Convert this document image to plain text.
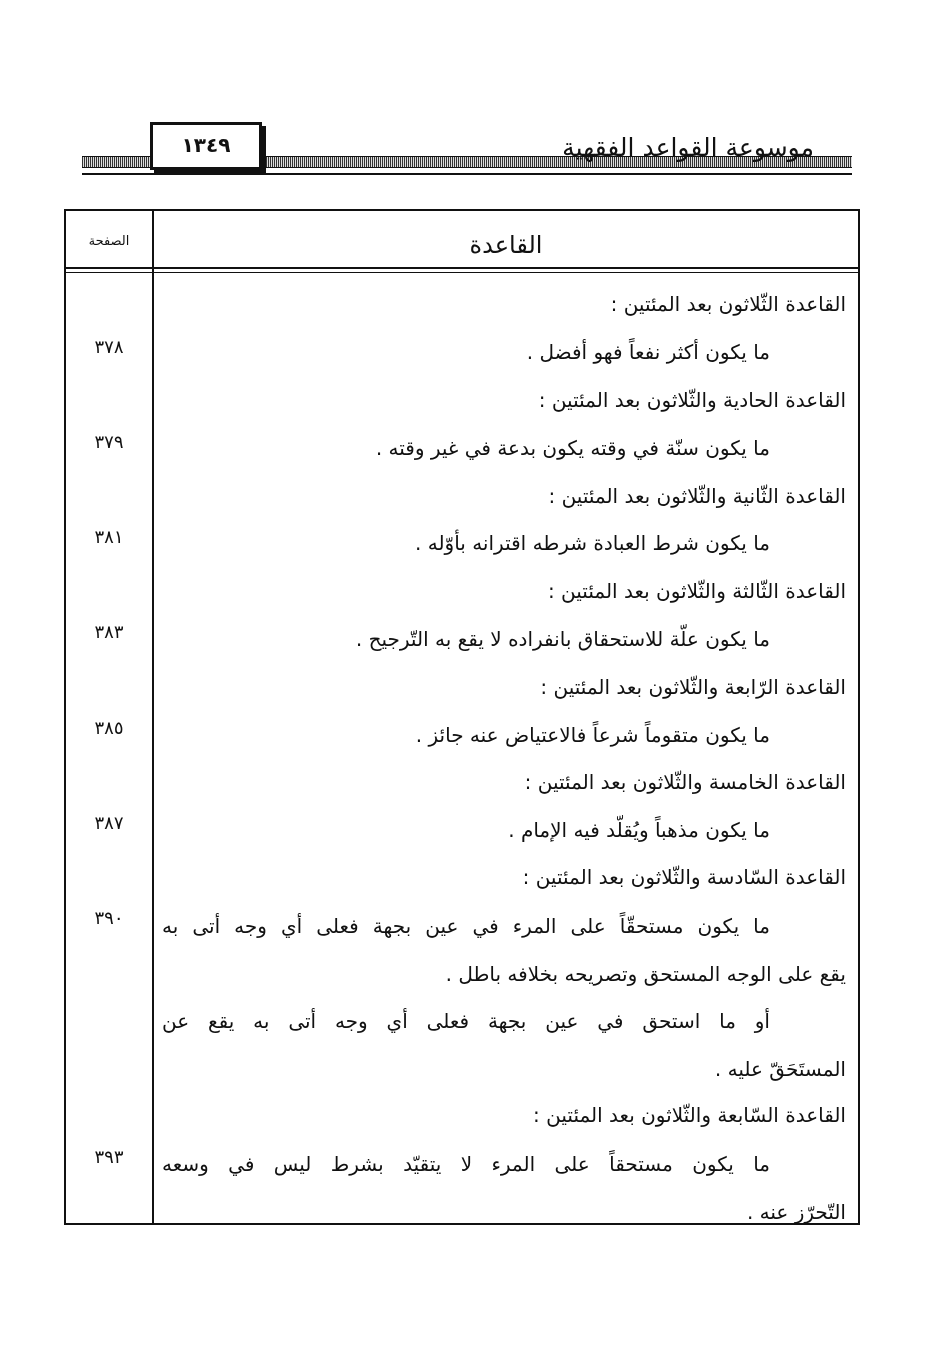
موسوعة القواعد الفقهية
١٣٤٩
القاعدة
الصفحة
القاعدة الثّلاثون بعد المئتين :
ما يكون أكثر نفعاً فهو أفضل .
٣٧٨
القاعدة الحادية والثّلاثون بعد المئتين :
ما يكون سنّة في وقته يكون بدعة في غير وقته .
٣٧٩
القاعدة الثّانية والثّلاثون بعد المئتين :
ما يكون شرط العبادة شرطه اقترانه بأوّله .
٣٨١
القاعدة الثّالثة والثّلاثون بعد المئتين :
ما يكون علّة للاستحقاق بانفراده لا يقع به التّرجيح .
٣٨٣
القاعدة الرّابعة والثّلاثون بعد المئتين :
ما يكون متقوماً شرعاً فالاعتياض عنه جائز .
٣٨٥
القاعدة الخامسة والثّلاثون بعد المئتين :
ما يكون مذهباً ويُقلّد فيه الإمام .
٣٨٧
القاعدة السّادسة والثّلاثون بعد المئتين :
ما يكون مستحقّاً على المرء في عين بجهة فعلى أي وجه أتى به
٣٩٠
يقع على الوجه المستحق وتصريحه بخلافه باطل .
أو ما استحق في عين بجهة فعلى أي وجه أتى به يقع عن
المستَحَقّ عليه .
القاعدة السّابعة والثّلاثون بعد المئتين :
ما يكون مستحقاً على المرء لا يتقيّد بشرط ليس في وسعه
٣٩٣
التّحرّز عنه .
